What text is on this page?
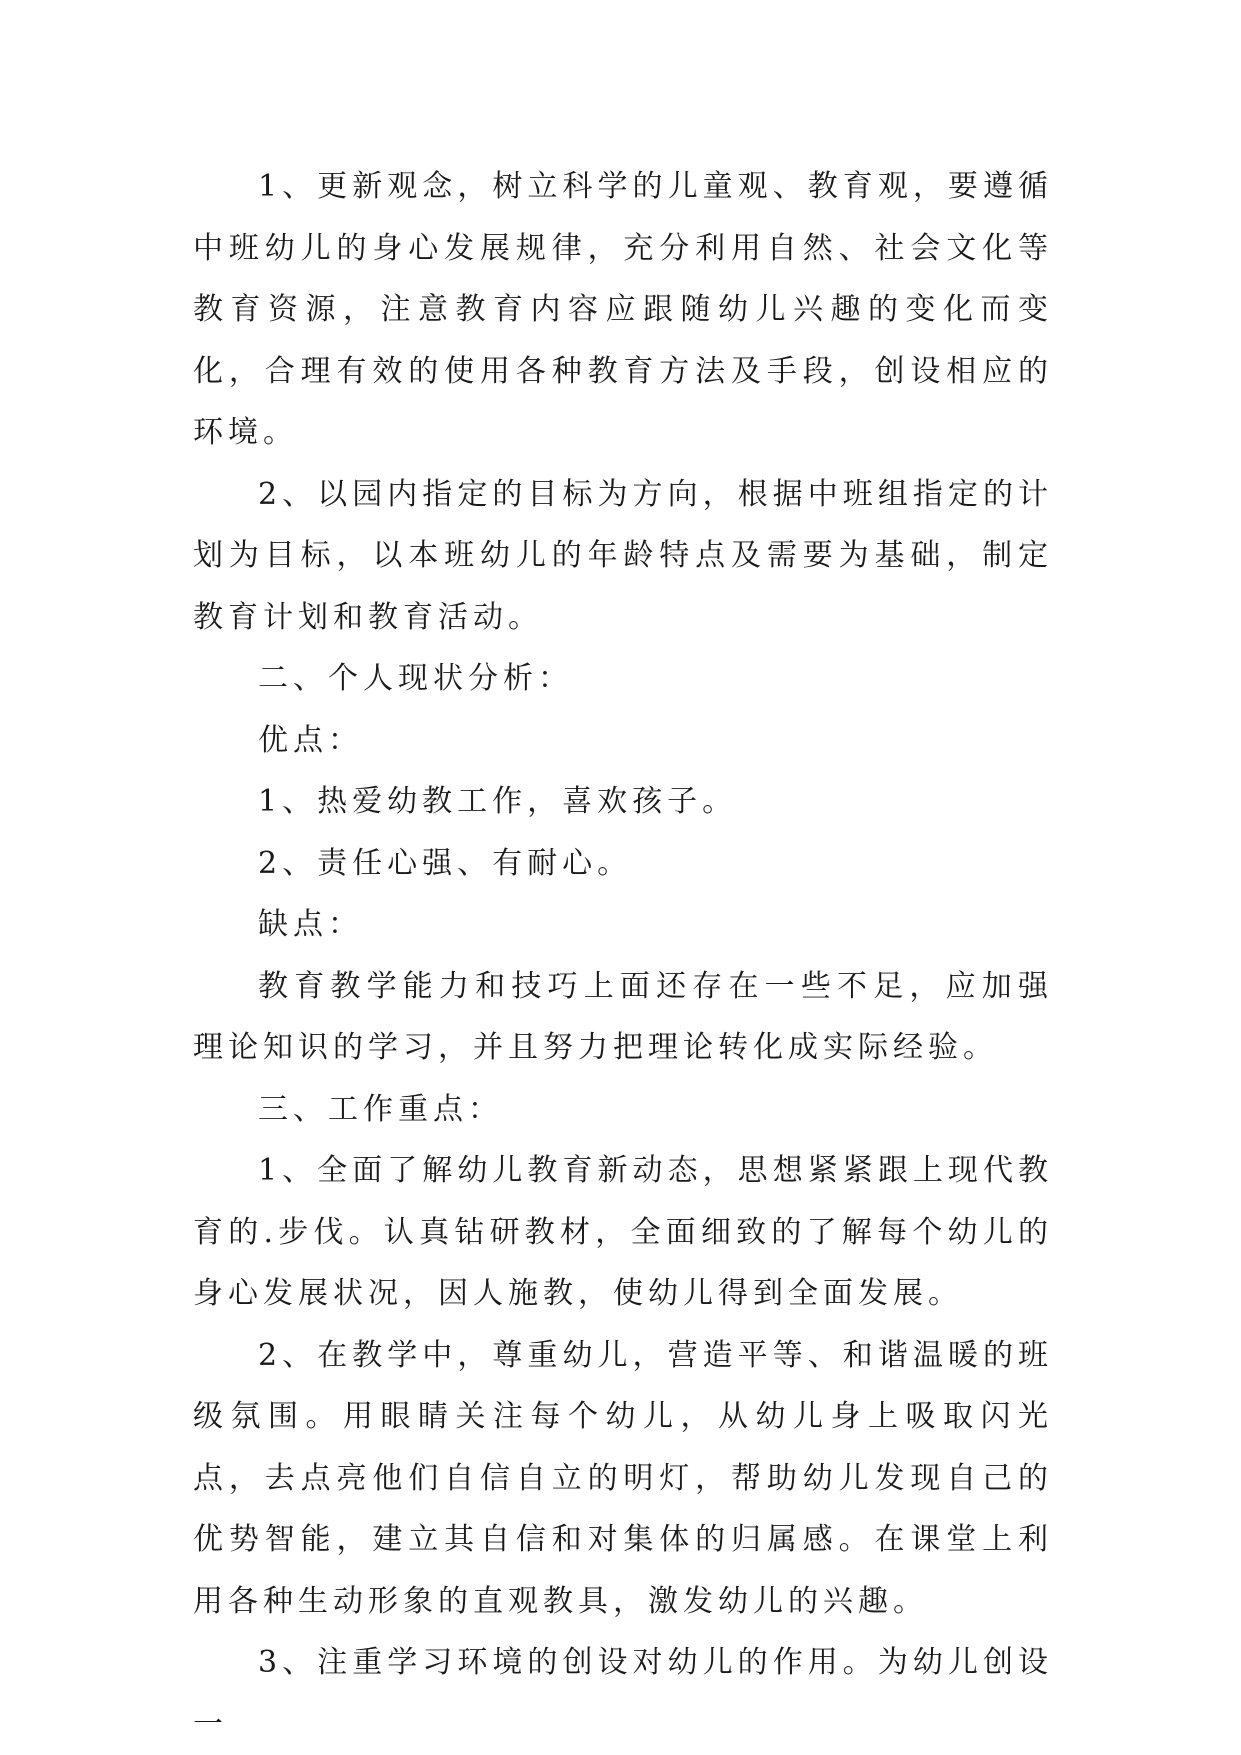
1、更新观念，树立科学的儿童观、教育观，要遵循中班幼儿的身心发展规律，充分利用自然、社会文化等教育资源，注意教育内容应跟随幼儿兴趣的变化而变化，合理有效的使用各种教育方法及手段，创设相应的环境。

2、以园内指定的目标为方向，根据中班组指定的计划为目标，以本班幼儿的年龄特点及需要为基础，制定教育计划和教育活动。

二、个人现状分析：

优点：

1、热爱幼教工作，喜欢孩子。

2、责任心强、有耐心。

缺点：

教育教学能力和技巧上面还存在一些不足，应加强理论知识的学习，并且努力把理论转化成实际经验。

三、工作重点：

1、全面了解幼儿教育新动态，思想紧紧跟上现代教育的.步伐。认真钻研教材，全面细致的了解每个幼儿的身心发展状况，因人施教，使幼儿得到全面发展。

2、在教学中，尊重幼儿，营造平等、和谐温暖的班级氛围。用眼睛关注每个幼儿，从幼儿身上吸取闪光点，去点亮他们自信自立的明灯，帮助幼儿发现自己的优势智能，建立其自信和对集体的归属感。在课堂上利用各种生动形象的直观教具，激发幼儿的兴趣。

3、注重学习环境的创设对幼儿的作用。为幼儿创设一
